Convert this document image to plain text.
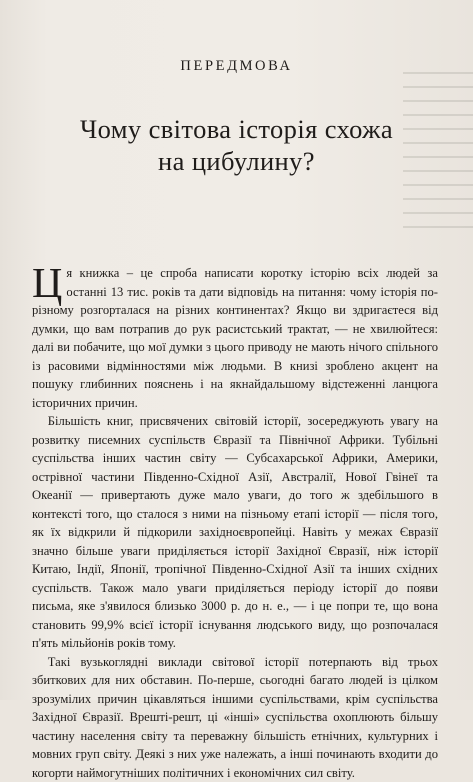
ПЕРЕДМОВА
Чому світова історія схожа
на цибулину?

Ця книжка – це спроба написати коротку історію всіх людей за останні 13 тис. років та дати відповідь на питання: чому історія по-різному розгорталася на різних континентах? Якщо ви здригаєтеся від думки, що вам потрапив до рук расистський трактат, — не хвилюйтеся: далі ви побачите, що мої думки з цього приводу не мають нічого спільного із расовими відмінностями між людьми. В книзі зроблено акцент на пошуку глибинних пояснень і на якнайдальшому відстеженні ланцюга історичних причин.

Більшість книг, присвячених світовій історії, зосереджують увагу на розвитку писемних суспільств Євразії та Північної Африки. Тубільні суспільства інших частин світу — Субсахарської Африки, Америки, острівної частини Південно-Східної Азії, Австралії, Нової Гвінеї та Океанії — привертають дуже мало уваги, до того ж здебільшого в контексті того, що сталося з ними на пізньому етапі історії — після того, як їх відкрили й підкорили західноєвропейці. Навіть у межах Євразії значно більше уваги приділяється історії Західної Євразії, ніж історії Китаю, Індії, Японії, тропічної Південно-Східної Азії та інших східних суспільств. Також мало уваги приділяється періоду історії до появи письма, яке з'явилося близько 3000 р. до н. е., — і це попри те, що вона становить 99,9% всієї історії існування людського виду, що розпочалася п'ять мільйонів років тому.

Такі вузькоглядні виклади світової історії потерпають від трьох збиткових для них обставин. По-перше, сьогодні багато людей із цілком зрозумілих причин цікавляться іншими суспільствами, крім суспільства Західної Євразії. Врешті-решт, ці «інші» суспільства охоплюють більшу частину населення світу та переважну більшість етнічних, культурних і мовних груп світу. Деякі з них уже належать, а інші починають входити до когорти наймогутніших політичних і економічних сил світу.
